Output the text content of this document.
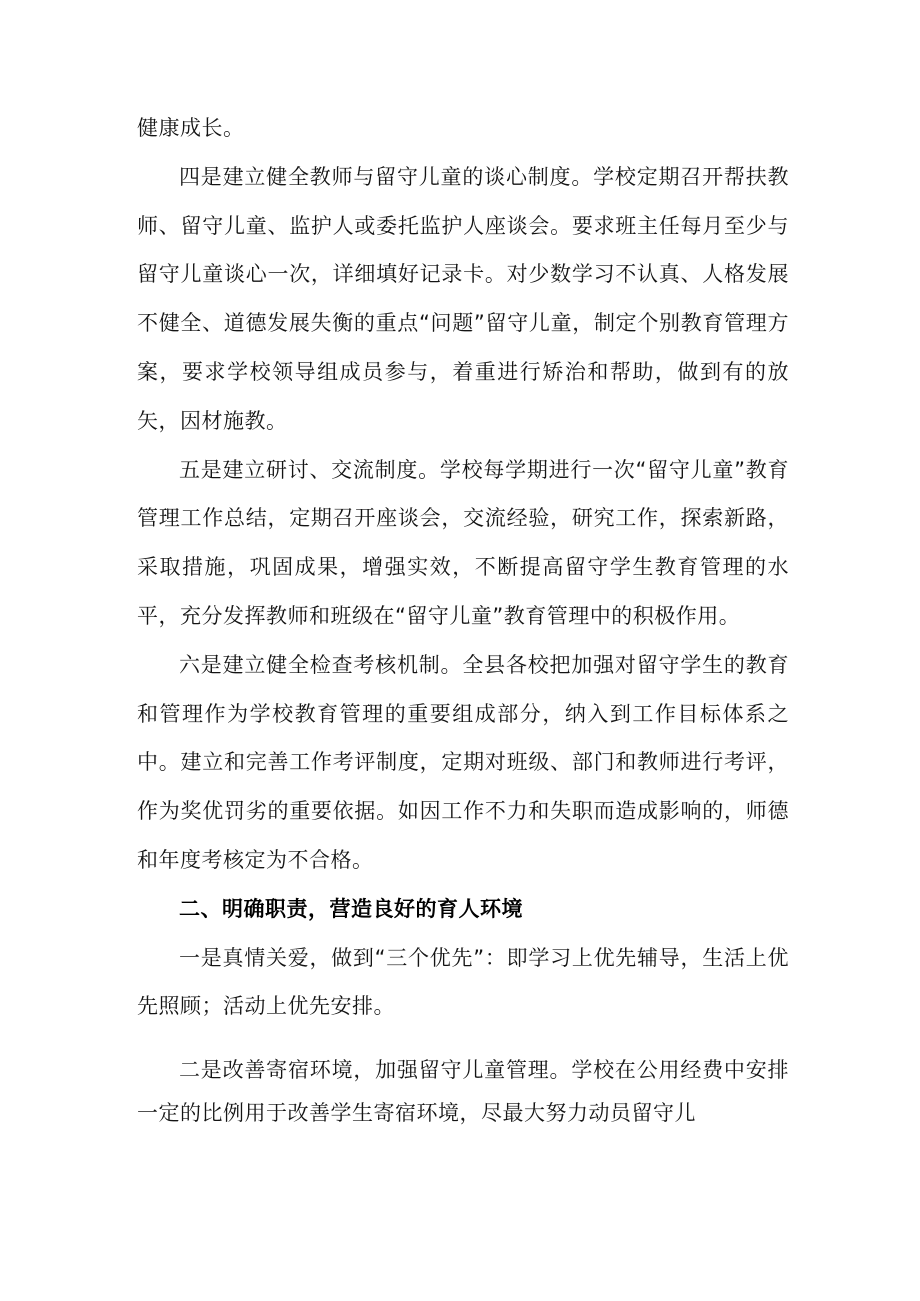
健康成长。

四是建立健全教师与留守儿童的谈心制度。学校定期召开帮扶教师、留守儿童、监护人或委托监护人座谈会。要求班主任每月至少与留守儿童谈心一次，详细填好记录卡。对少数学习不认真、人格发展不健全、道德发展失衡的重点“问题”留守儿童，制定个别教育管理方案，要求学校领导组成员参与，着重进行矫治和帮助，做到有的放矢，因材施教。

五是建立研讨、交流制度。学校每学期进行一次“留守儿童”教育管理工作总结，定期召开座谈会，交流经验，研究工作，探索新路，采取措施，巩固成果，增强实效，不断提高留守学生教育管理的水平，充分发挥教师和班级在“留守儿童”教育管理中的积极作用。

六是建立健全检查考核机制。全县各校把加强对留守学生的教育和管理作为学校教育管理的重要组成部分，纳入到工作目标体系之中。建立和完善工作考评制度，定期对班级、部门和教师进行考评，作为奖优罚劣的重要依据。如因工作不力和失职而造成影响的，师德和年度考核定为不合格。

二、明确职责，营造良好的育人环境

一是真情关爱，做到“三个优先”：即学习上优先辅导，生活上优先照顾；活动上优先安排。

二是改善寄宿环境，加强留守儿童管理。学校在公用经费中安排一定的比例用于改善学生寄宿环境，尽最大努力动员留守儿
